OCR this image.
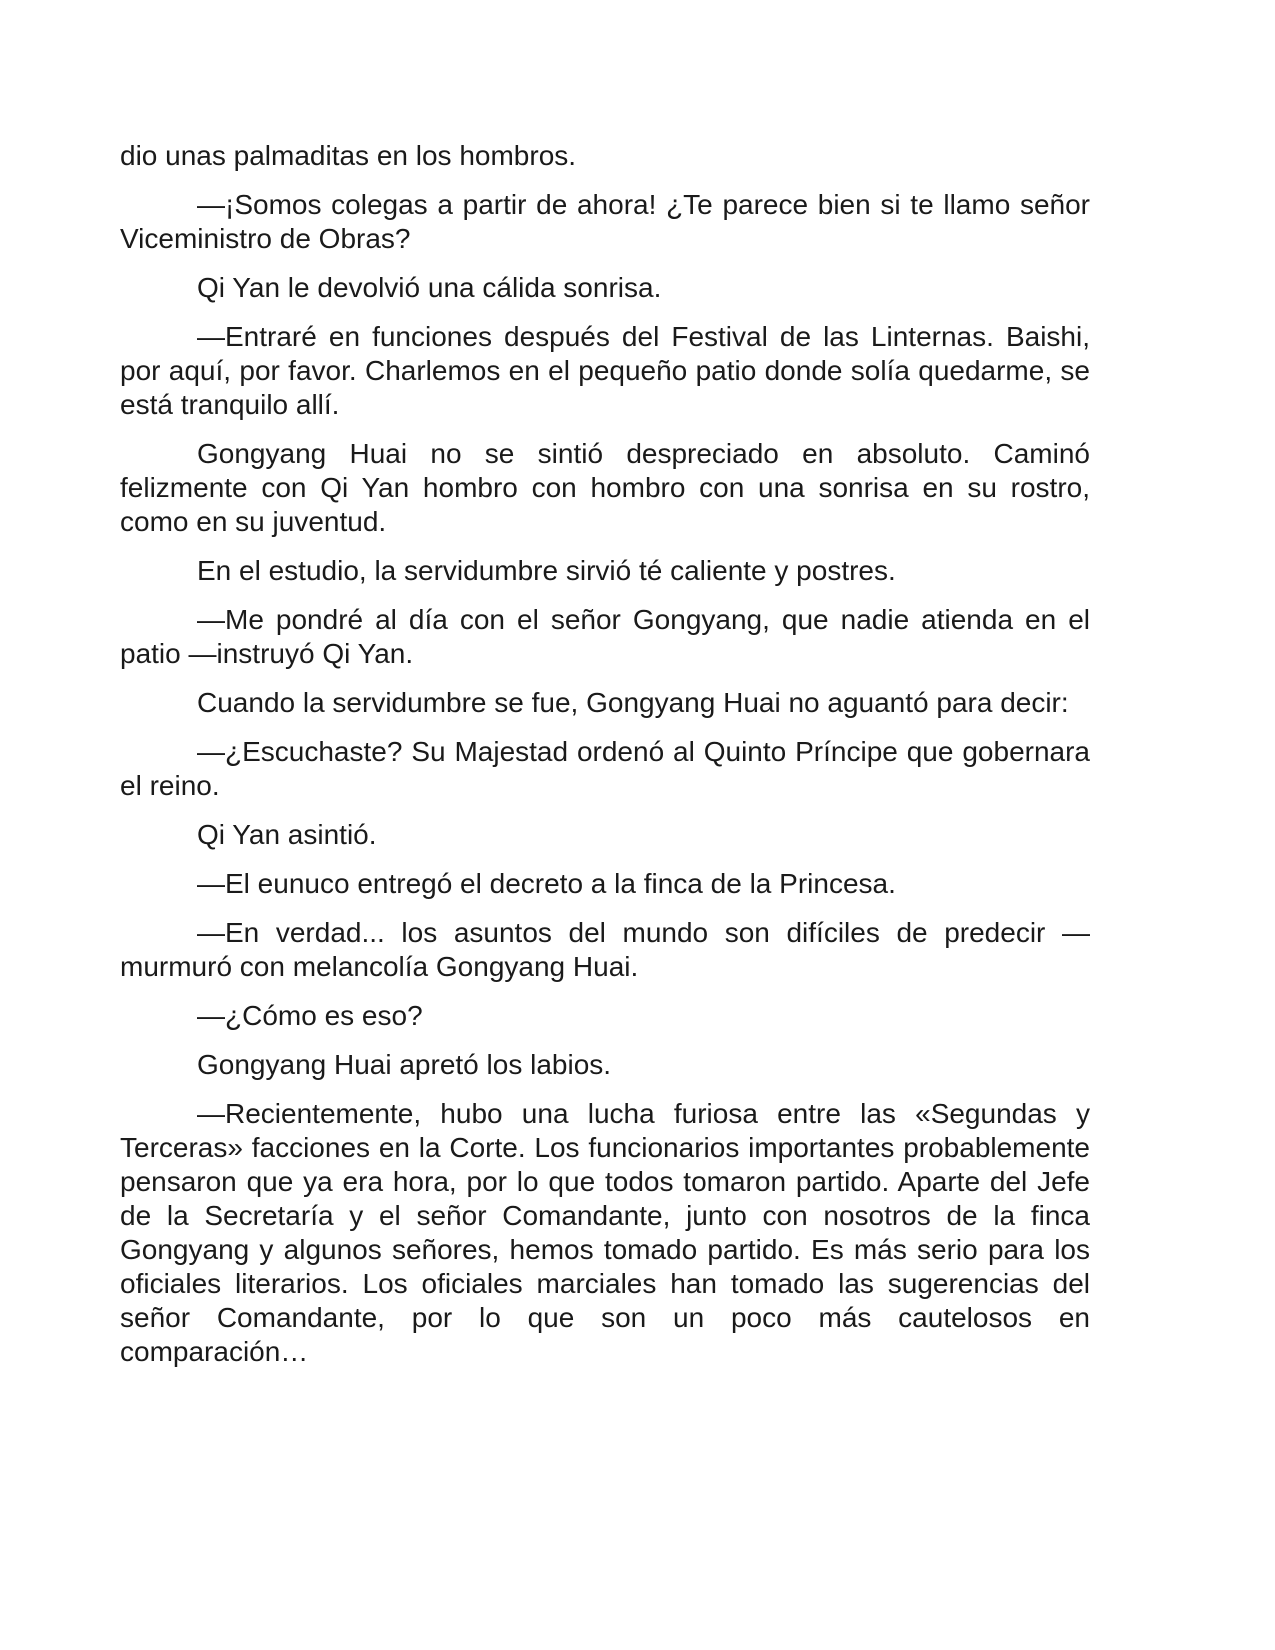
dio unas palmaditas en los hombros.

—¡Somos colegas a partir de ahora! ¿Te parece bien si te llamo señor Viceministro de Obras?

Qi Yan le devolvió una cálida sonrisa.

—Entraré en funciones después del Festival de las Linternas. Baishi, por aquí, por favor. Charlemos en el pequeño patio donde solía quedarme, se está tranquilo allí.

Gongyang Huai no se sintió despreciado en absoluto. Caminó felizmente con Qi Yan hombro con hombro con una sonrisa en su rostro, como en su juventud.

En el estudio, la servidumbre sirvió té caliente y postres.

—Me pondré al día con el señor Gongyang, que nadie atienda en el patio —instruyó Qi Yan.

Cuando la servidumbre se fue, Gongyang Huai no aguantó para decir:

—¿Escuchaste? Su Majestad ordenó al Quinto Príncipe que gobernara el reino.

Qi Yan asintió.

—El eunuco entregó el decreto a la finca de la Princesa.

—En verdad... los asuntos del mundo son difíciles de predecir —murmuró con melancolía Gongyang Huai.

—¿Cómo es eso?

Gongyang Huai apretó los labios.

—Recientemente, hubo una lucha furiosa entre las «Segundas y Terceras» facciones en la Corte. Los funcionarios importantes probablemente pensaron que ya era hora, por lo que todos tomaron partido. Aparte del Jefe de la Secretaría y el señor Comandante, junto con nosotros de la finca Gongyang y algunos señores, hemos tomado partido. Es más serio para los oficiales literarios. Los oficiales marciales han tomado las sugerencias del señor Comandante, por lo que son un poco más cautelosos en comparación…
